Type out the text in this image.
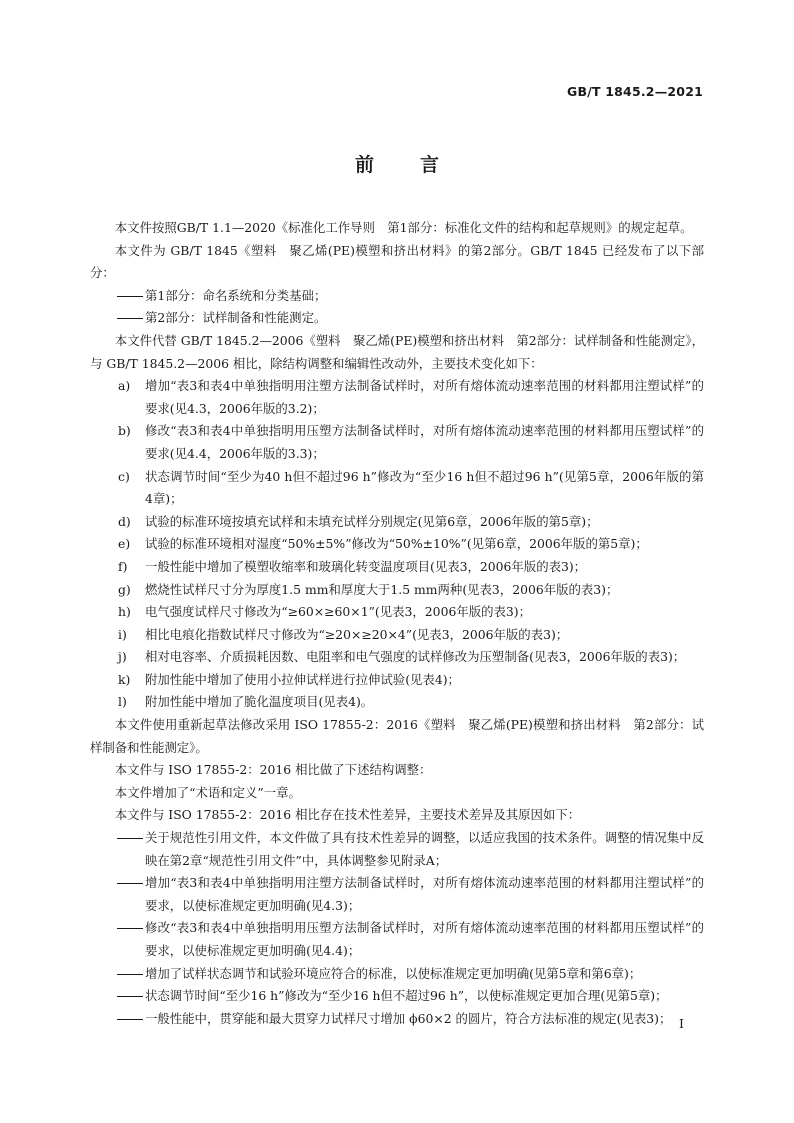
GB/T 1845.2—2021
前 言

本文件按照GB/T 1.1—2020《标准化工作导则　第1部分：标准化文件的结构和起草规则》的规定起草。

本文件为 GB/T 1845《塑料　聚乙烯(PE)模塑和挤出材料》的第2部分。GB/T 1845 已经发布了以下部分：

第1部分：命名系统和分类基础；

第2部分：试样制备和性能测定。

本文件代替 GB/T 1845.2—2006《塑料　聚乙烯(PE)模塑和挤出材料　第2部分：试样制备和性能测定》，与 GB/T 1845.2—2006 相比，除结构调整和编辑性改动外，主要技术变化如下：

a) 增加“表3和表4中单独指明用注塑方法制备试样时，对所有熔体流动速率范围的材料都用注塑试样”的要求(见4.3，2006年版的3.2)；

b) 修改“表3和表4中单独指明用压塑方法制备试样时，对所有熔体流动速率范围的材料都用压塑试样”的要求(见4.4，2006年版的3.3)；

c) 状态调节时间“至少为40 h但不超过96 h”修改为“至少16 h但不超过96 h”(见第5章，2006年版的第4章)；

d) 试验的标准环境按填充试样和未填充试样分别规定(见第6章，2006年版的第5章)；

e) 试验的标准环境相对湿度“50%±5%”修改为“50%±10%”(见第6章，2006年版的第5章)；

f) 一般性能中增加了模塑收缩率和玻璃化转变温度项目(见表3，2006年版的表3)；

g) 燃烧性试样尺寸分为厚度1.5 mm和厚度大于1.5 mm两种(见表3，2006年版的表3)；

h) 电气强度试样尺寸修改为“≥60×≥60×1”(见表3，2006年版的表3)；

i) 相比电痕化指数试样尺寸修改为“≥20×≥20×4”(见表3，2006年版的表3)；

j) 相对电容率、介质损耗因数、电阻率和电气强度的试样修改为压塑制备(见表3，2006年版的表3)；

k) 附加性能中增加了使用小拉伸试样进行拉伸试验(见表4)；

l) 附加性能中增加了脆化温度项目(见表4)。

本文件使用重新起草法修改采用 ISO 17855-2：2016《塑料　聚乙烯(PE)模塑和挤出材料　第2部分：试样制备和性能测定》。

本文件与 ISO 17855-2：2016 相比做了下述结构调整：

本文件增加了“术语和定义”一章。

本文件与 ISO 17855-2：2016 相比存在技术性差异，主要技术差异及其原因如下：

关于规范性引用文件，本文件做了具有技术性差异的调整，以适应我国的技术条件。调整的情况集中反映在第2章“规范性引用文件”中，具体调整参见附录A；

增加“表3和表4中单独指明用注塑方法制备试样时，对所有熔体流动速率范围的材料都用注塑试样”的要求，以使标准规定更加明确(见4.3)；

修改“表3和表4中单独指明用压塑方法制备试样时，对所有熔体流动速率范围的材料都用压塑试样”的要求，以使标准规定更加明确(见4.4)；

增加了试样状态调节和试验环境应符合的标准，以使标准规定更加明确(见第5章和第6章)；

状态调节时间“至少16 h”修改为“至少16 h但不超过96 h”，以使标准规定更加合理(见第5章)；

一般性能中，贯穿能和最大贯穿力试样尺寸增加 ϕ60×2 的圆片，符合方法标准的规定(见表3)； I
